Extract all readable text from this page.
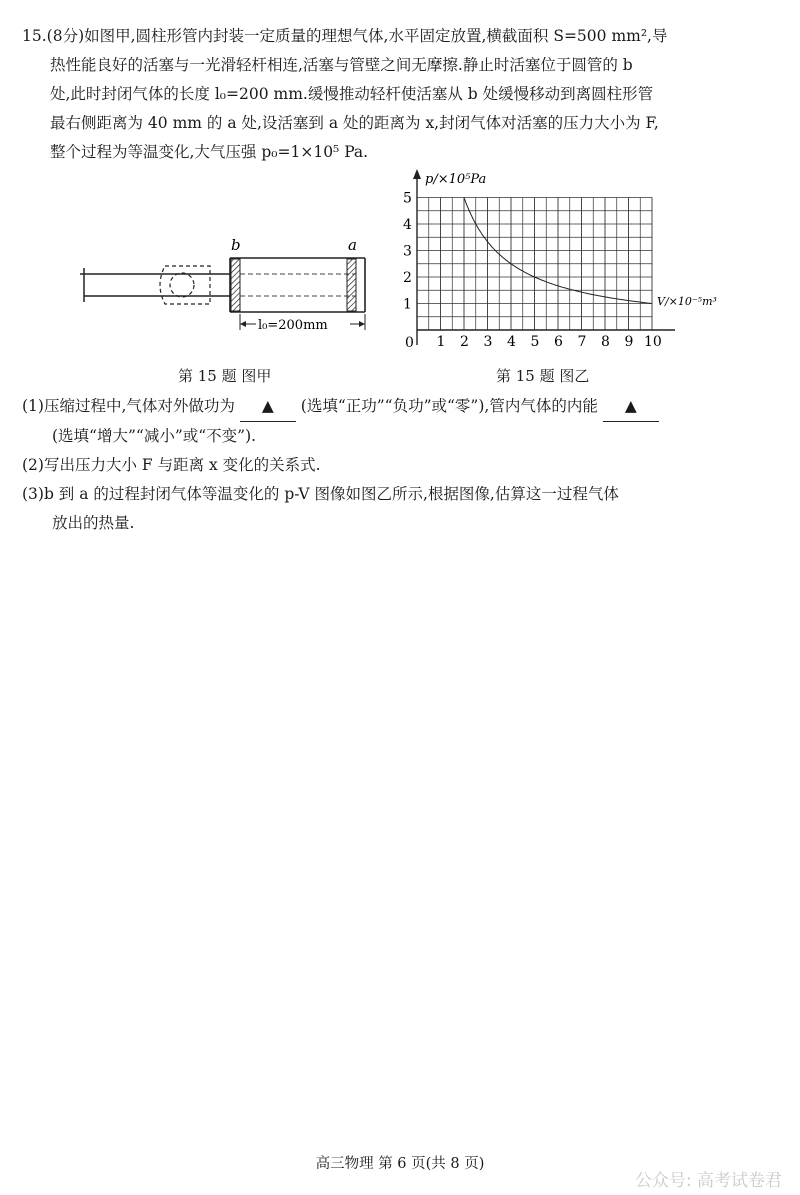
15.(8分)如图甲,圆柱形管内封装一定质量的理想气体,水平固定放置,横截面积 S=500 mm²,导

热性能良好的活塞与一光滑轻杆相连,活塞与管壁之间无摩擦.静止时活塞位于圆管的 b

处,此时封闭气体的长度 l₀=200 mm.缓慢推动轻杆使活塞从 b 处缓慢移动到离圆柱形管

最右侧距离为 40 mm 的 a 处,设活塞到 a 处的距离为 x,封闭气体对活塞的压力大小为 F,

整个过程为等温变化,大气压强 p₀=1×10⁵ Pa.

b	a
l₀=200mm
第 15 题 图甲
p/×10⁵Pa
V/×10⁻⁵m³
0 1 2 3 4 5 6 7 8 9 10
1
2
3
4
5
第 15 题 图乙

(1)压缩过程中,气体对外做功为 ▲ (选填“正功”“负功”或“零”),管内气体的内能 ▲

(选填“增大”“减小”或“不变”).

(2)写出压力大小 F 与距离 x 变化的关系式.

(3)b 到 a 的过程封闭气体等温变化的 p-V 图像如图乙所示,根据图像,估算这一过程气体

放出的热量.

高三物理 第 6 页(共 8 页)
公众号: 高考试卷君
